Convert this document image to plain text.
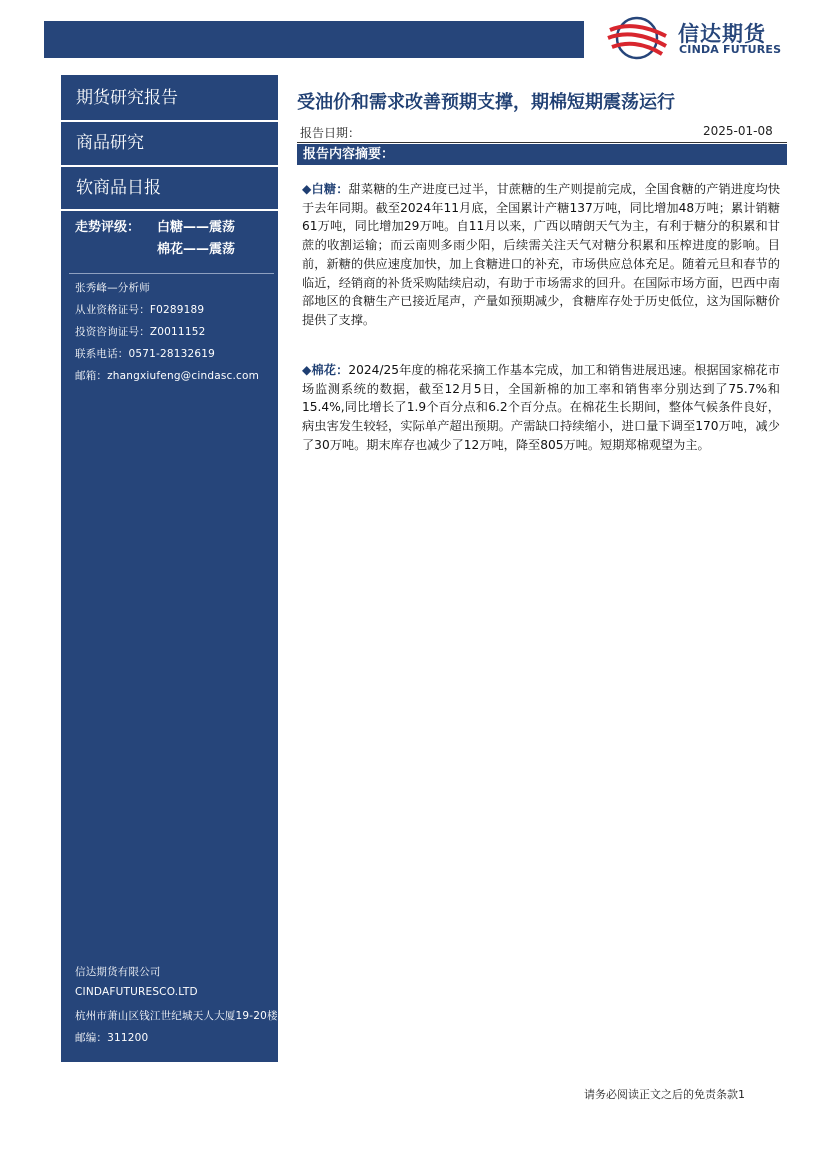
信达期货
CINDA FUTURES
期货研究报告
商品研究
软商品日报
走势评级： 白糖——震荡
棉花——震荡
张秀峰—分析师
从业资格证号：F0289189
投资咨询证号：Z0011152
联系电话：0571-28132619
邮箱：zhangxiufeng@cindasc.com
信达期货有限公司
CINDAFUTURESCO.LTD
杭州市萧山区钱江世纪城天人大厦19-20楼
邮编：311200
受油价和需求改善预期支撑，期棉短期震荡运行
报告日期：	2025-01-08
报告内容摘要：
◆白糖：甜菜糖的生产进度已过半，甘蔗糖的生产则提前完成，全国食糖的产销进度均快于去年同期。截至2024年11月底，全国累计产糖137万吨，同比增加48万吨；累计销糖61万吨，同比增加29万吨。自11月以来，广西以晴朗天气为主，有利于糖分的积累和甘蔗的收割运输；而云南则多雨少阳，后续需关注天气对糖分积累和压榨进度的影响。目前，新糖的供应速度加快，加上食糖进口的补充，市场供应总体充足。随着元旦和春节的临近，经销商的补货采购陆续启动，有助于市场需求的回升。在国际市场方面，巴西中南部地区的食糖生产已接近尾声，产量如预期减少，食糖库存处于历史低位，这为国际糖价提供了支撑。
◆棉花：2024/25年度的棉花采摘工作基本完成，加工和销售进展迅速。根据国家棉花市场监测系统的数据，截至12月5日，全国新棉的加工率和销售率分别达到了75.7%和15.4%,同比增长了1.9个百分点和6.2个百分点。在棉花生长期间，整体气候条件良好，病虫害发生较轻，实际单产超出预期。产需缺口持续缩小，进口量下调至170万吨，减少了30万吨。期末库存也减少了12万吨，降至805万吨。短期郑棉观望为主。
请务必阅读正文之后的免责条款1
